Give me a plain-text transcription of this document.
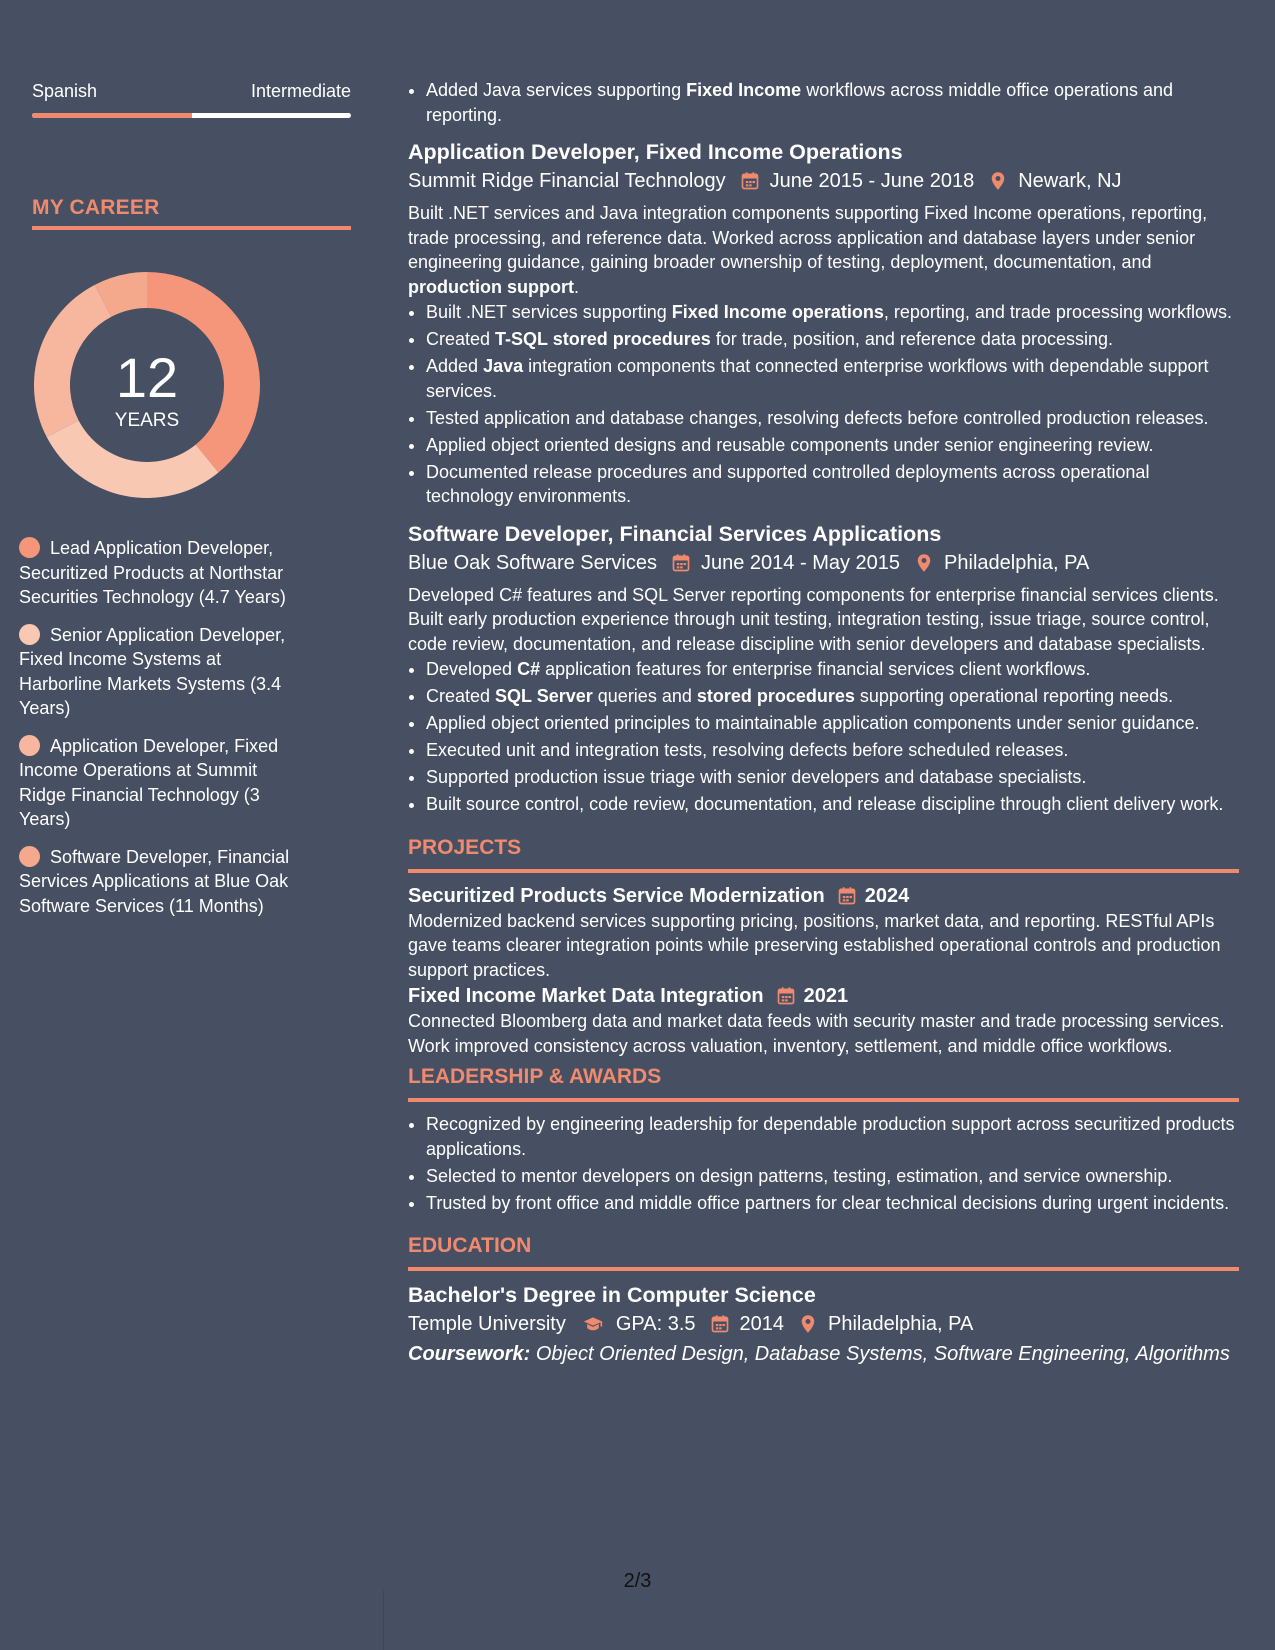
Spanish	Intermediate
MY CAREER
12
YEARS
Lead Application Developer, Securitized Products at Northstar Securities Technology (4.7 Years)
Senior Application Developer, Fixed Income Systems at Harborline Markets Systems (3.4 Years)
Application Developer, Fixed Income Operations at Summit Ridge Financial Technology (3 Years)
Software Developer, Financial Services Applications at Blue Oak Software Services (11 Months)
• Added Java services supporting Fixed Income workflows across middle office operations and reporting.
Application Developer, Fixed Income Operations
Summit Ridge Financial Technology June 2015 - June 2018 Newark, NJ

Built .NET services and Java integration components supporting Fixed Income operations, reporting, trade processing, and reference data. Worked across application and database layers under senior engineering guidance, gaining broader ownership of testing, deployment, documentation, and production support.

• Built .NET services supporting Fixed Income operations, reporting, and trade processing workflows.
• Created T-SQL stored procedures for trade, position, and reference data processing.
• Added Java integration components that connected enterprise workflows with dependable support services.
• Tested application and database changes, resolving defects before controlled production releases.
• Applied object oriented designs and reusable components under senior engineering review.
• Documented release procedures and supported controlled deployments across operational technology environments.
Software Developer, Financial Services Applications
Blue Oak Software Services June 2014 - May 2015 Philadelphia, PA

Developed C# features and SQL Server reporting components for enterprise financial services clients. Built early production experience through unit testing, integration testing, issue triage, source control, code review, documentation, and release discipline with senior developers and database specialists.

• Developed C# application features for enterprise financial services client workflows.
• Created SQL Server queries and stored procedures supporting operational reporting needs.
• Applied object oriented principles to maintainable application components under senior guidance.
• Executed unit and integration tests, resolving defects before scheduled releases.
• Supported production issue triage with senior developers and database specialists.
• Built source control, code review, documentation, and release discipline through client delivery work.
PROJECTS
Securitized Products Service Modernization 2024

Modernized backend services supporting pricing, positions, market data, and reporting. RESTful APIs gave teams clearer integration points while preserving established operational controls and production support practices.

Fixed Income Market Data Integration 2021

Connected Bloomberg data and market data feeds with security master and trade processing services. Work improved consistency across valuation, inventory, settlement, and middle office workflows.

LEADERSHIP & AWARDS
• Recognized by engineering leadership for dependable production support across securitized products applications.
• Selected to mentor developers on design patterns, testing, estimation, and service ownership.
• Trusted by front office and middle office partners for clear technical decisions during urgent incidents.
EDUCATION
Bachelor's Degree in Computer Science
Temple University	GPA: 3.5 2014 Philadelphia, PA
Coursework: Object Oriented Design, Database Systems, Software Engineering, Algorithms
2/3
